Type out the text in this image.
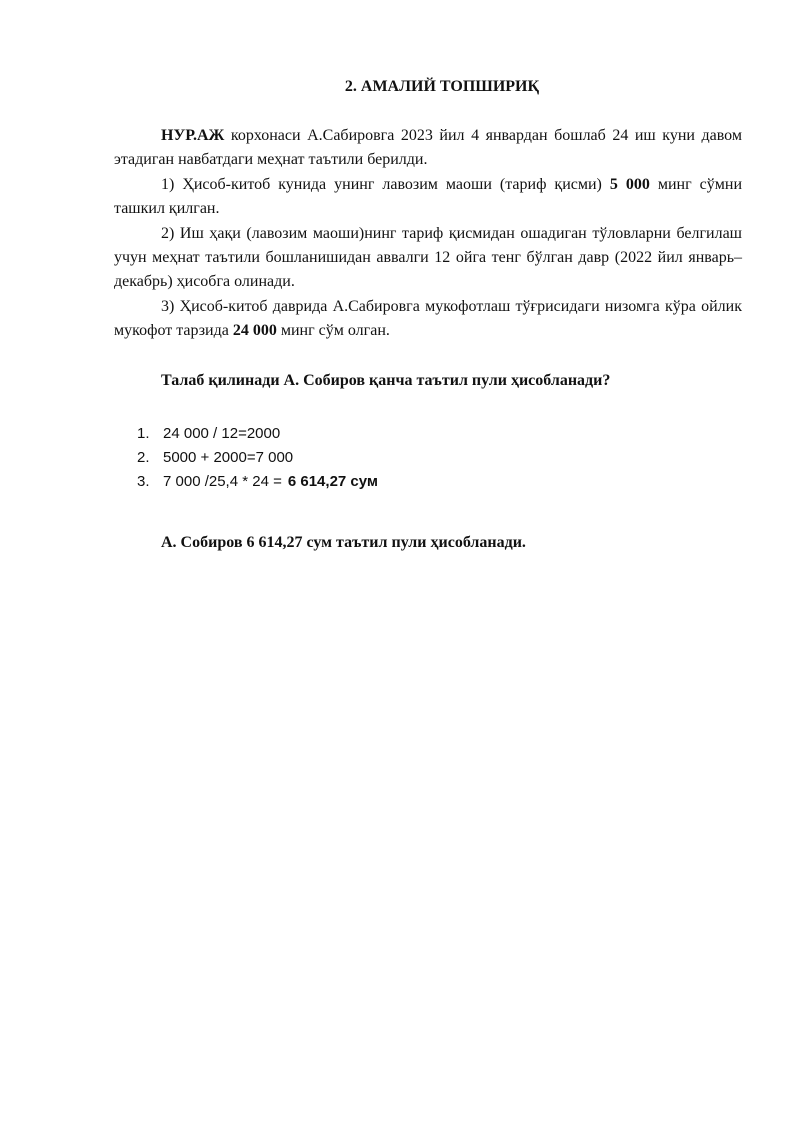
2. АМАЛИЙ ТОПШИРИҚ

НУР.АЖ корхонаси А.Сабировга 2023 йил 4 январдан бошлаб 24 иш куни давом этадиган навбатдаги меҳнат таътили берилди.

1) Ҳисоб-китоб кунида унинг лавозим маоши (тариф қисми) 5 000 минг сўмни ташкил қилган.

2) Иш ҳақи (лавозим маоши)нинг тариф қисмидан ошадиган тўловларни белгилаш учун меҳнат таътили бошланишидан аввалги 12 ойга тенг бўлган давр (2022 йил январь–декабрь) ҳисобга олинади.

3) Ҳисоб-китоб даврида А.Сабировга мукофотлаш тўғрисидаги низомга кўра ойлик мукофот тарзида 24 000 минг сўм олган.

Талаб қилинади А. Собиров қанча таътил пули ҳисобланади?

1. 24 000 / 12=2000
2. 5000 + 2000=7 000
3. 7 000 /25,4 * 24 = 6 614,27 сум

А. Собиров 6 614,27 сум таътил пули ҳисобланади.
